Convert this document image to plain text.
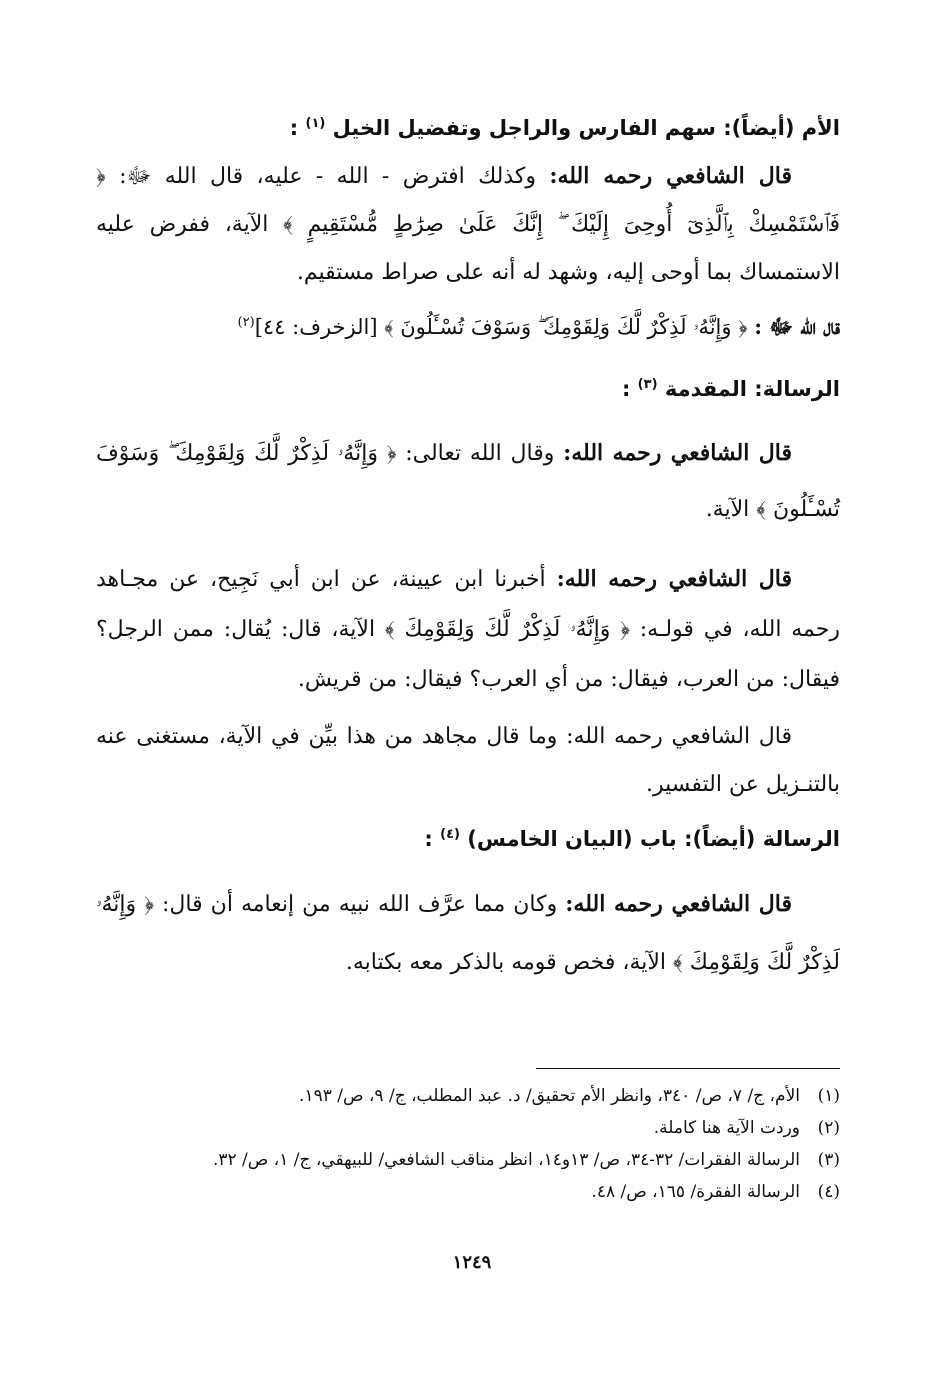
الأم (أيضاً): سهم الفارس والراجل وتفضيل الخيل $^{(١)}$ :

قال الشافعي رحمه الله: وكذلك افترض - الله - عليه، قال الله ﷻ: ﴿ فَٱسْتَمْسِكْ بِٱلَّذِىٓ أُوحِىَ إِلَيْكَ ۖ إِنَّكَ عَلَىٰ صِرَٰطٍ مُّسْتَقِيمٍ ﴾ الآية، ففرض عليه الاستمساك بما أوحى إليه، وشهد له أنه على صراط مستقيم.

قال الله ﷻ : ﴿ وَإِنَّهُۥ لَذِكْرٌ لَّكَ وَلِقَوْمِكَ ۖ وَسَوْفَ تُسْـَٔلُونَ ﴾ [الزخرف: ٤٤]$^{(٢)}$

الرسالة: المقدمة $^{(٣)}$ :

قال الشافعي رحمه الله: وقال الله تعالى: ﴿ وَإِنَّهُۥ لَذِكْرٌ لَّكَ وَلِقَوْمِكَ ۖ وَسَوْفَ تُسْـَٔلُونَ ﴾ الآية.

قال الشافعي رحمه الله: أخبرنا ابن عيينة، عن ابن أبي نَجِيح، عن مجـاهد رحمه الله، في قولـه: ﴿ وَإِنَّهُۥ لَذِكْرٌ لَّكَ وَلِقَوْمِكَ ﴾ الآية، قال: يُقال: ممن الرجل؟ فيقال: من العرب، فيقال: من أي العرب؟ فيقال: من قريش.

قال الشافعي رحمه الله: وما قال مجاهد من هذا بيِّن في الآية، مستغنى عنه بالتنـزيل عن التفسير.

الرسالة (أيضاً): باب (البيان الخامس) $^{(٤)}$ :

قال الشافعي رحمه الله: وكان مما عرَّف الله نبيه من إنعامه أن قال: ﴿ وَإِنَّهُۥ لَذِكْرٌ لَّكَ وَلِقَوْمِكَ ﴾ الآية، فخص قومه بالذكر معه بكتابه.

(١)
الأم، ج/ ٧، ص/ ٣٤٠، وانظر الأم تحقيق/ د. عبد المطلب، ج/ ٩، ص/ ١٩٣.

(٢)
وردت الآية هنا كاملة.

(٣)
الرسالة الفقرات/ ٣٢-٣٤، ص/ ١٣و١٤، انظر مناقب الشافعي/ للبيهقي، ج/ ١، ص/ ٣٢.

(٤)
الرسالة الفقرة/ ١٦٥، ص/ ٤٨.

١٢٤٩
